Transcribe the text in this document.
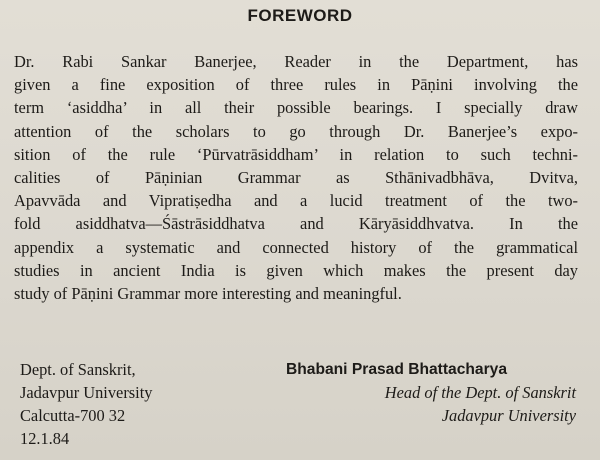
FOREWORD
Dr. Rabi Sankar Banerjee, Reader in the Department, has
given a fine exposition of three rules in Pāṇini involving the
term ‘asiddha’ in all their possible bearings. I specially draw
attention of the scholars to go through Dr. Banerjee’s expo-
sition of the rule ‘Pūrvatrāsiddham’ in relation to such techni-
calities of Pāṇinian Grammar as Sthānivadbhāva, Dvitva,
Apavvāda and Vipratiṣedha and a lucid treatment of the two-
fold asiddhatva—Śāstrāsiddhatva and Kāryāsiddhvatva. In the
appendix a systematic and connected history of the grammatical
studies in ancient India is given which makes the present day
study of Pāṇini Grammar more interesting and meaningful.
Dept. of Sanskrit,
Jadavpur University
Calcutta-700 32
12.1.84
Bhabani Prasad Bhattacharya
Head of the Dept. of Sanskrit
Jadavpur University
